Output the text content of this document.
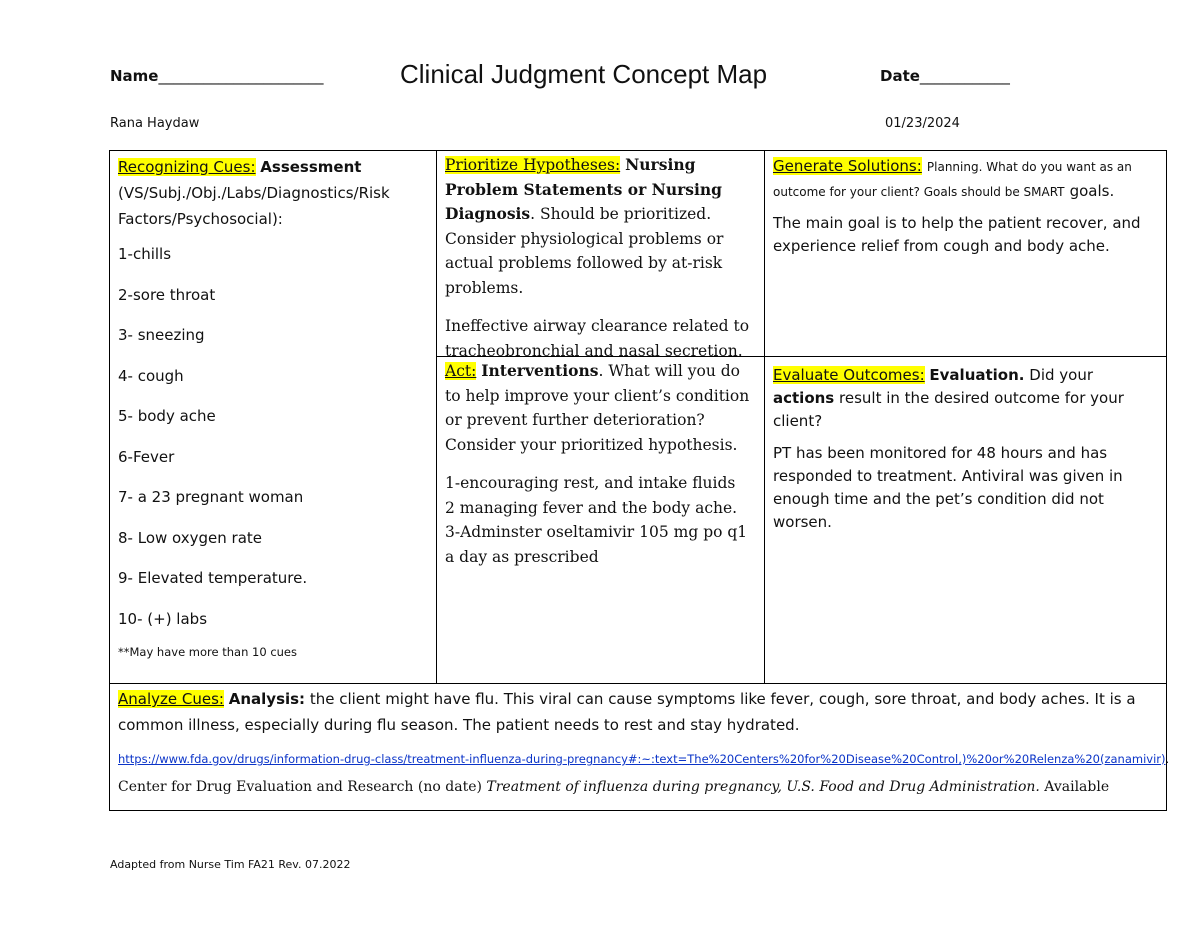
Name______________________	Clinical Judgment Concept Map	Date____________
Rana Haydaw	01/23/2024
Recognizing Cues: Assessment (VS/Subj./Obj./Labs/Diagnostics/Risk Factors/Psychosocial):
1-chills
2-sore throat
3- sneezing
4- cough
5- body ache
6-Fever
7- a 23 pregnant woman
8- Low oxygen rate
9- Elevated temperature.
10- (+) labs
**May have more than 10 cues
Prioritize Hypotheses: Nursing Problem Statements or Nursing Diagnosis. Should be prioritized. Consider physiological problems or actual problems followed by at-risk problems.
Ineffective airway clearance related to tracheobronchial and nasal secretion.
Act: Interventions. What will you do to help improve your client’s condition or prevent further deterioration? Consider your prioritized hypothesis.
1-encouraging rest, and intake fluids
2 managing fever and the body ache.
3-Adminster oseltamivir 105 mg po q1 a day as prescribed
Generate Solutions: Planning. What do you want as an outcome for your client? Goals should be SMART goals.
The main goal is to help the patient recover, and experience relief from cough and body ache.
Evaluate Outcomes: Evaluation. Did your actions result in the desired outcome for your client?
PT has been monitored for 48 hours and has responded to treatment. Antiviral was given in enough time and the pet’s condition did not worsen.
Analyze Cues: Analysis: the client might have flu. This viral can cause symptoms like fever, cough, sore throat, and body aches. It is a common illness, especially during flu season. The patient needs to rest and stay hydrated.
https://www.fda.gov/drugs/information-drug-class/treatment-influenza-during-pregnancy#:~:text=The%20Centers%20for%20Disease%20Control,)%20or%20Relenza%20(zanamivir).
Center for Drug Evaluation and Research (no date) Treatment of influenza during pregnancy, U.S. Food and Drug Administration. Available
Adapted from Nurse Tim FA21 Rev. 07.2022
